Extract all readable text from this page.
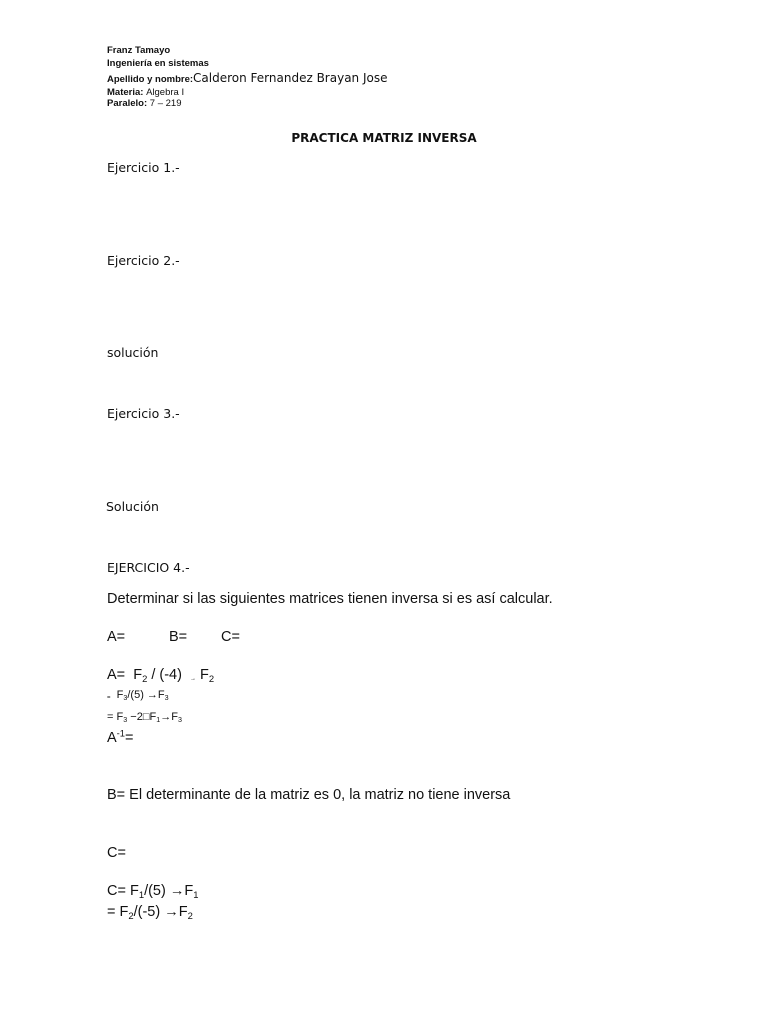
Franz Tamayo
Ingeniería en sistemas
Apellido y nombre:Calderon Fernandez Brayan Jose
Materia: Algebra I
Paralelo: 7 – 219
PRACTICA MATRIZ INVERSA
Ejercicio 1.-
Ejercicio 2.-
solución
Ejercicio 3.-
Solución
EJERCICIO 4.-
Determinar si las siguientes matrices tienen inversa si es así calcular.
A=	B= C=
$A= F_2 / (-4) \to F_2$
= $F_3/(5) \to F_3$
= $F_3$ $-2□F_1\to F_3$
$A^{-1}=$
B= El determinante de la matriz es 0, la matriz no tiene inversa
C=
$C= F_1/(5) \to F_1$
= $F_2/(-5) \to F_2$
